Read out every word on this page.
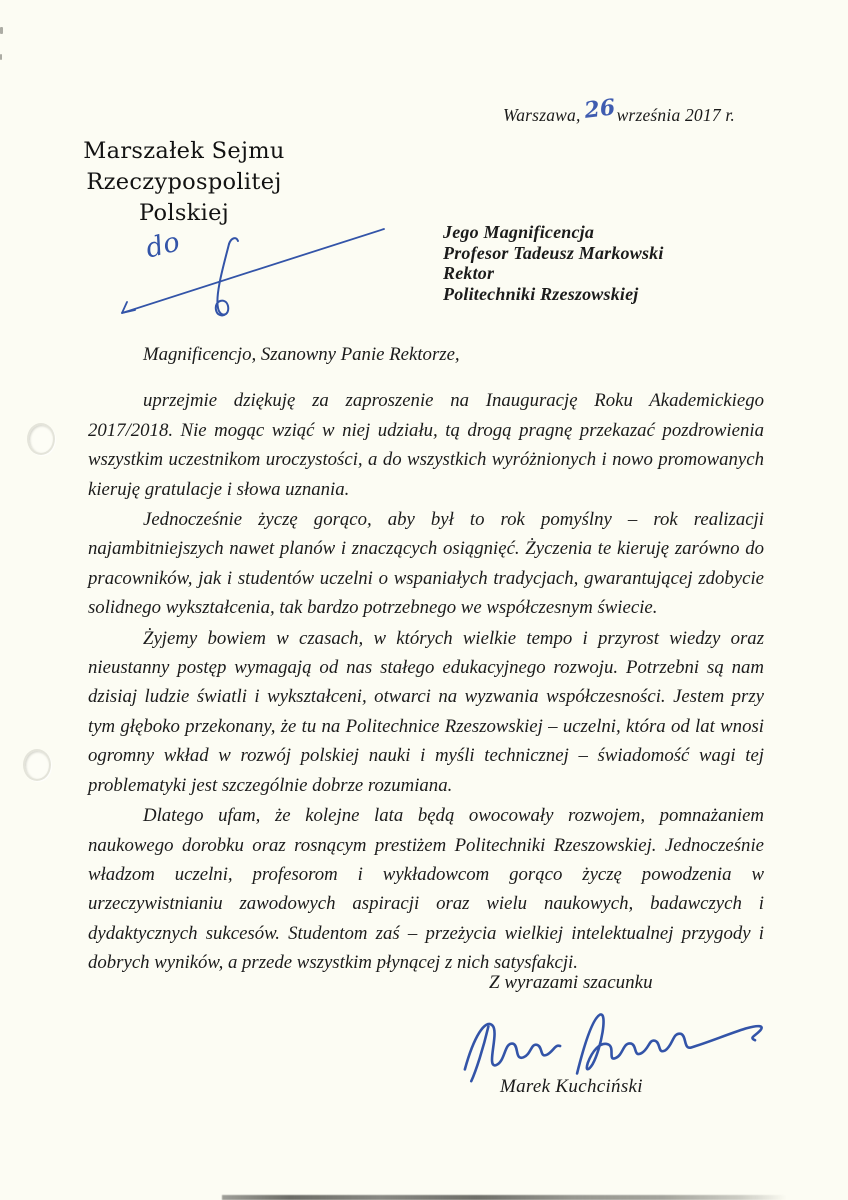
Warszawa, 26 września 2017 r.
Marszałek Sejmu
Rzeczypospolitej Polskiej
do	Jego Magnificencja
Profesor Tadeusz Markowski
Rektor
Politechniki Rzeszowskiej
Magnificencjo, Szanowny Panie Rektorze,

uprzejmie dziękuję za zaproszenie na Inaugurację Roku Akademickiego 2017/2018. Nie mogąc wziąć w niej udziału, tą drogą pragnę przekazać pozdrowienia wszystkim uczestnikom uroczystości, a do wszystkich wyróżnionych i nowo promowanych kieruję gratulacje i słowa uznania.

Jednocześnie życzę gorąco, aby był to rok pomyślny – rok realizacji najambitniejszych nawet planów i znaczących osiągnięć. Życzenia te kieruję zarówno do pracowników, jak i studentów uczelni o wspaniałych tradycjach, gwarantującej zdobycie solidnego wykształcenia, tak bardzo potrzebnego we współczesnym świecie.

Żyjemy bowiem w czasach, w których wielkie tempo i przyrost wiedzy oraz nieustanny postęp wymagają od nas stałego edukacyjnego rozwoju. Potrzebni są nam dzisiaj ludzie światli i wykształceni, otwarci na wyzwania współczesności. Jestem przy tym głęboko przekonany, że tu na Politechnice Rzeszowskiej – uczelni, która od lat wnosi ogromny wkład w rozwój polskiej nauki i myśli technicznej – świadomość wagi tej problematyki jest szczególnie dobrze rozumiana.

Dlatego ufam, że kolejne lata będą owocowały rozwojem, pomnażaniem naukowego dorobku oraz rosnącym prestiżem Politechniki Rzeszowskiej. Jednocześnie władzom uczelni, profesorom i wykładowcom gorąco życzę powodzenia w urzeczywistnianiu zawodowych aspiracji oraz wielu naukowych, badawczych i dydaktycznych sukcesów. Studentom zaś – przeżycia wielkiej intelektualnej przygody i dobrych wyników, a przede wszystkim płynącej z nich satysfakcji.

Z wyrazami szacunku
Marek Kuchciński
